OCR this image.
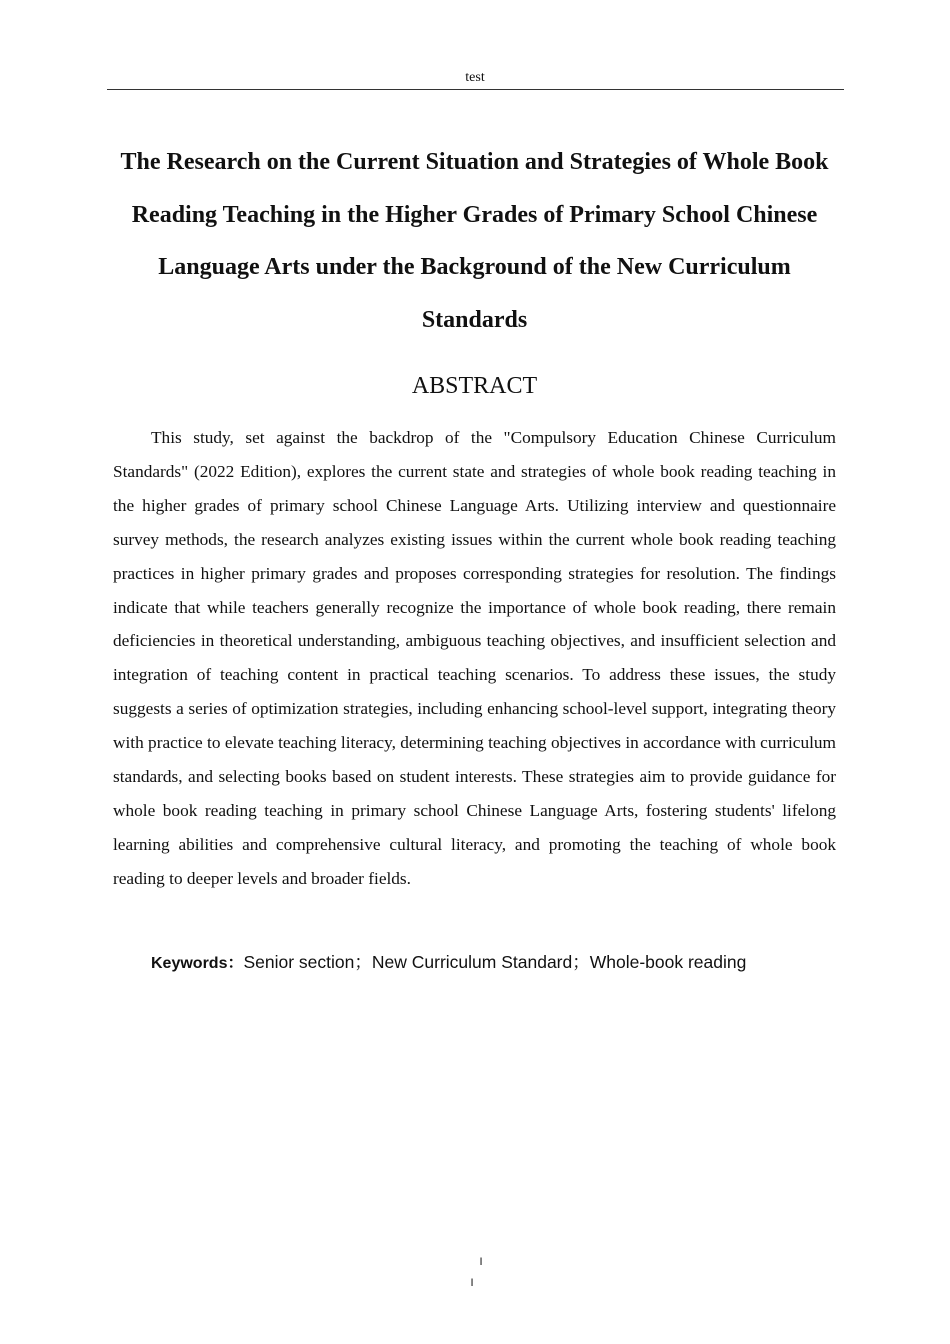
test
The Research on the Current Situation and Strategies of Whole Book Reading Teaching in the Higher Grades of Primary School Chinese Language Arts under the Background of the New Curriculum Standards
ABSTRACT

This study, set against the backdrop of the "Compulsory Education Chinese Curriculum Standards" (2022 Edition), explores the current state and strategies of whole book reading teaching in the higher grades of primary school Chinese Language Arts. Utilizing interview and questionnaire survey methods, the research analyzes existing issues within the current whole book reading teaching practices in higher primary grades and proposes corresponding strategies for resolution. The findings indicate that while teachers generally recognize the importance of whole book reading, there remain deficiencies in theoretical understanding, ambiguous teaching objectives, and insufficient selection and integration of teaching content in practical teaching scenarios. To address these issues, the study suggests a series of optimization strategies, including enhancing school-level support, integrating theory with practice to elevate teaching literacy, determining teaching objectives in accordance with curriculum standards, and selecting books based on student interests. These strategies aim to provide guidance for whole book reading teaching in primary school Chinese Language Arts, fostering students' lifelong learning abilities and comprehensive cultural literacy, and promoting the teaching of whole book reading to deeper levels and broader fields.

Keywords：Senior section；New Curriculum Standard；Whole-book reading

I
I
